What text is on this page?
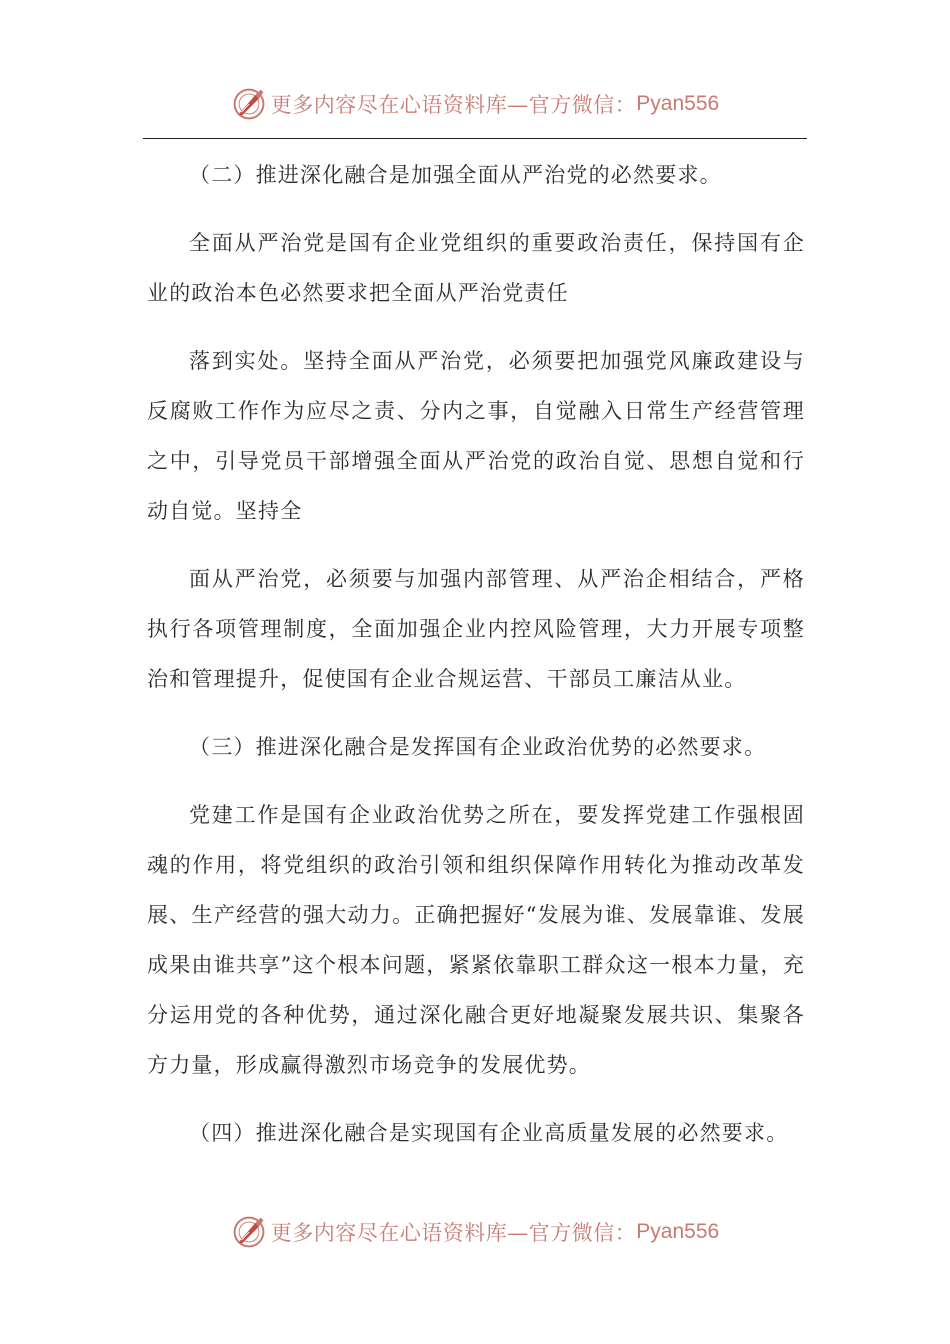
更多内容尽在心语资料库—官方微信： Pyan556

（二）推进深化融合是加强全面从严治党的必然要求。

全面从严治党是国有企业党组织的重要政治责任，保持国有企业的政治本色必然要求把全面从严治党责任

落到实处。坚持全面从严治党，必须要把加强党风廉政建设与反腐败工作作为应尽之责、分内之事，自觉融入日常生产经营管理之中，引导党员干部增强全面从严治党的政治自觉、思想自觉和行动自觉。坚持全

面从严治党，必须要与加强内部管理、从严治企相结合，严格执行各项管理制度，全面加强企业内控风险管理，大力开展专项整治和管理提升，促使国有企业合规运营、干部员工廉洁从业。

（三）推进深化融合是发挥国有企业政治优势的必然要求。

党建工作是国有企业政治优势之所在，要发挥党建工作强根固魂的作用，将党组织的政治引领和组织保障作用转化为推动改革发展、生产经营的强大动力。正确把握好“发展为谁、发展靠谁、发展成果由谁共享”这个根本问题，紧紧依靠职工群众这一根本力量，充分运用党的各种优势，通过深化融合更好地凝聚发展共识、集聚各方力量，形成赢得激烈市场竞争的发展优势。

（四）推进深化融合是实现国有企业高质量发展的必然要求。

更多内容尽在心语资料库—官方微信： Pyan556
